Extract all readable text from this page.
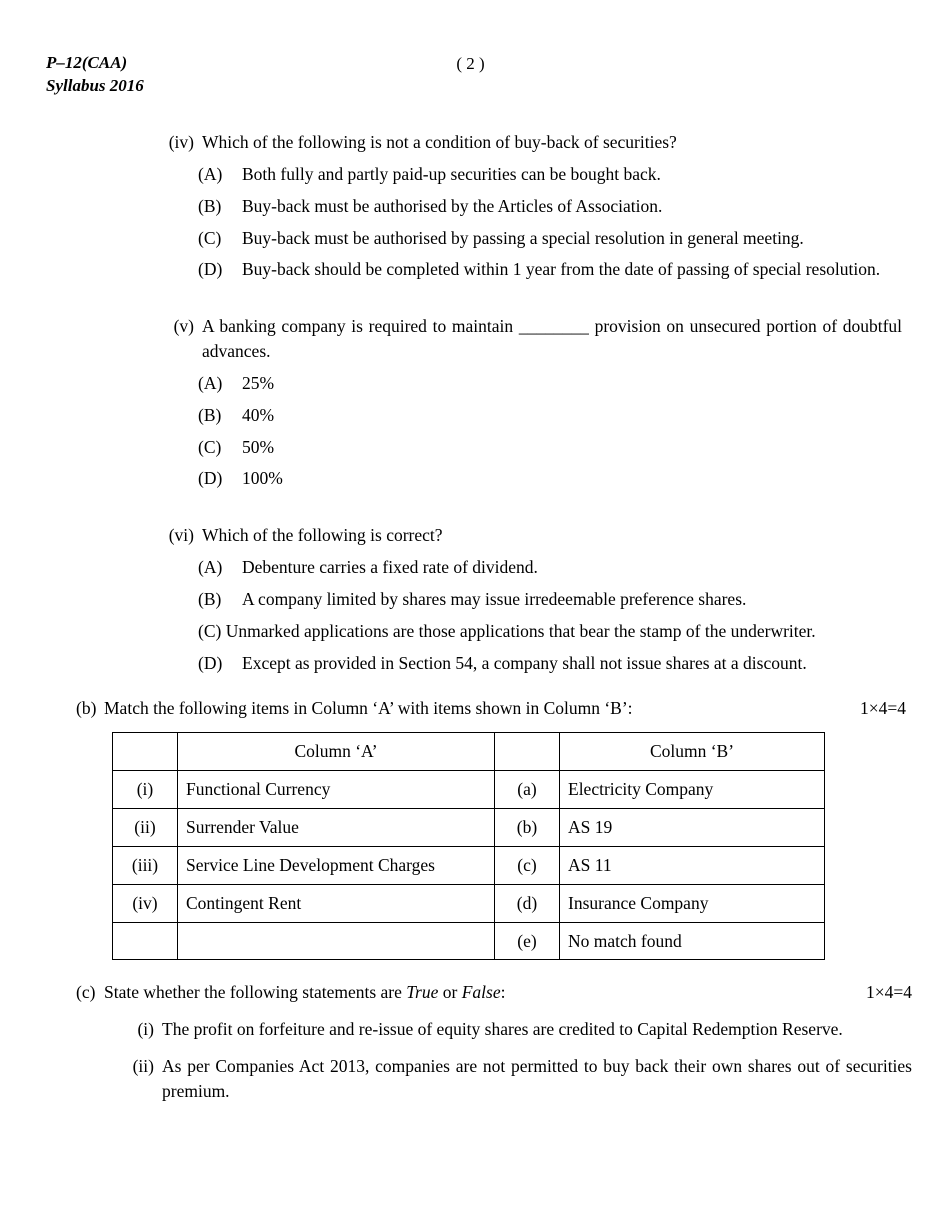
P–12(CAA)
Syllabus 2016
( 2 )
(iv) Which of the following is not a condition of buy-back of securities?
(A)	Both fully and partly paid-up securities can be bought back.
(B)	Buy-back must be authorised by the Articles of Association.
(C)	Buy-back must be authorised by passing a special resolution in general meeting.
(D)	Buy-back should be completed within 1 year from the date of passing of special resolution.
(v) A banking company is required to maintain ________ provision on unsecured portion of doubtful advances.
(A)	25%
(B)	40%
(C)	50%
(D)	100%
(vi) Which of the following is correct?
(A)	Debenture carries a fixed rate of dividend.
(B)	A company limited by shares may issue irredeemable preference shares.
(C) Unmarked applications are those applications that bear the stamp of the underwriter.
(D)	Except as provided in Section 54, a company shall not issue shares at a discount.
(b) Match the following items in Column ‘A’ with items shown in Column ‘B’:	1×4=4
	Column ‘A’		Column ‘B’
(i)	Functional Currency	(a)	Electricity Company
(ii)	Surrender Value	(b)	AS 19
(iii)	Service Line Development Charges	(c)	AS 11
(iv)	Contingent Rent	(d)	Insurance Company
		(e)	No match found
(c) State whether the following statements are True or False:	1×4=4
(i) The profit on forfeiture and re-issue of equity shares are credited to Capital Redemption Reserve.
(ii) As per Companies Act 2013, companies are not permitted to buy back their own shares out of securities premium.
